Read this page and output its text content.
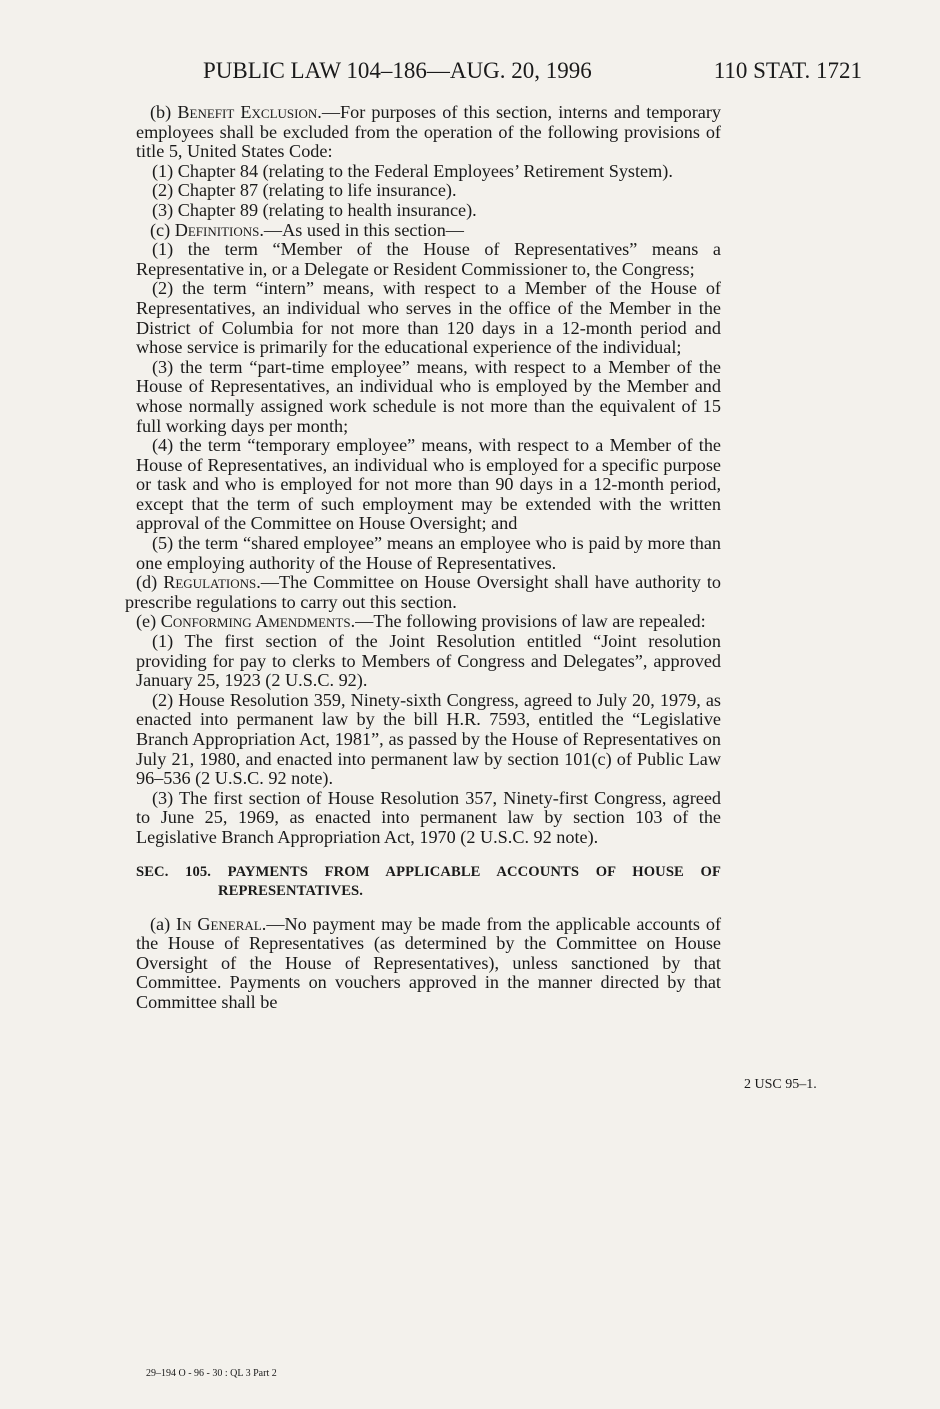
PUBLIC LAW 104–186—AUG. 20, 1996	110 STAT. 1721

(b) Benefit Exclusion.—For purposes of this section, interns and temporary employees shall be excluded from the operation of the following provisions of title 5, United States Code:

(1) Chapter 84 (relating to the Federal Employees’ Retirement System).

(2) Chapter 87 (relating to life insurance).

(3) Chapter 89 (relating to health insurance).

(c) Definitions.—As used in this section—

(1) the term “Member of the House of Representatives” means a Representative in, or a Delegate or Resident Commissioner to, the Congress;

(2) the term “intern” means, with respect to a Member of the House of Representatives, an individual who serves in the office of the Member in the District of Columbia for not more than 120 days in a 12-month period and whose service is primarily for the educational experience of the individual;

(3) the term “part-time employee” means, with respect to a Member of the House of Representatives, an individual who is employed by the Member and whose normally assigned work schedule is not more than the equivalent of 15 full working days per month;

(4) the term “temporary employee” means, with respect to a Member of the House of Representatives, an individual who is employed for a specific purpose or task and who is employed for not more than 90 days in a 12-month period, except that the term of such employment may be extended with the written approval of the Committee on House Oversight; and

(5) the term “shared employee” means an employee who is paid by more than one employing authority of the House of Representatives.

(d) Regulations.—The Committee on House Oversight shall have authority to prescribe regulations to carry out this section.

(e) Conforming Amendments.—The following provisions of law are repealed:

(1) The first section of the Joint Resolution entitled “Joint resolution providing for pay to clerks to Members of Congress and Delegates”, approved January 25, 1923 (2 U.S.C. 92).

(2) House Resolution 359, Ninety-sixth Congress, agreed to July 20, 1979, as enacted into permanent law by the bill H.R. 7593, entitled the “Legislative Branch Appropriation Act, 1981”, as passed by the House of Representatives on July 21, 1980, and enacted into permanent law by section 101(c) of Public Law 96–536 (2 U.S.C. 92 note).

(3) The first section of House Resolution 357, Ninety-first Congress, agreed to June 25, 1969, as enacted into permanent law by section 103 of the Legislative Branch Appropriation Act, 1970 (2 U.S.C. 92 note).

SEC. 105. PAYMENTS FROM APPLICABLE ACCOUNTS OF HOUSE OF REPRESENTATIVES.

(a) In General.—No payment may be made from the applicable accounts of the House of Representatives (as determined by the Committee on House Oversight of the House of Representatives), unless sanctioned by that Committee. Payments on vouchers approved in the manner directed by that Committee shall be

2 USC 95–1.
29–194 O - 96 - 30 : QL 3 Part 2
